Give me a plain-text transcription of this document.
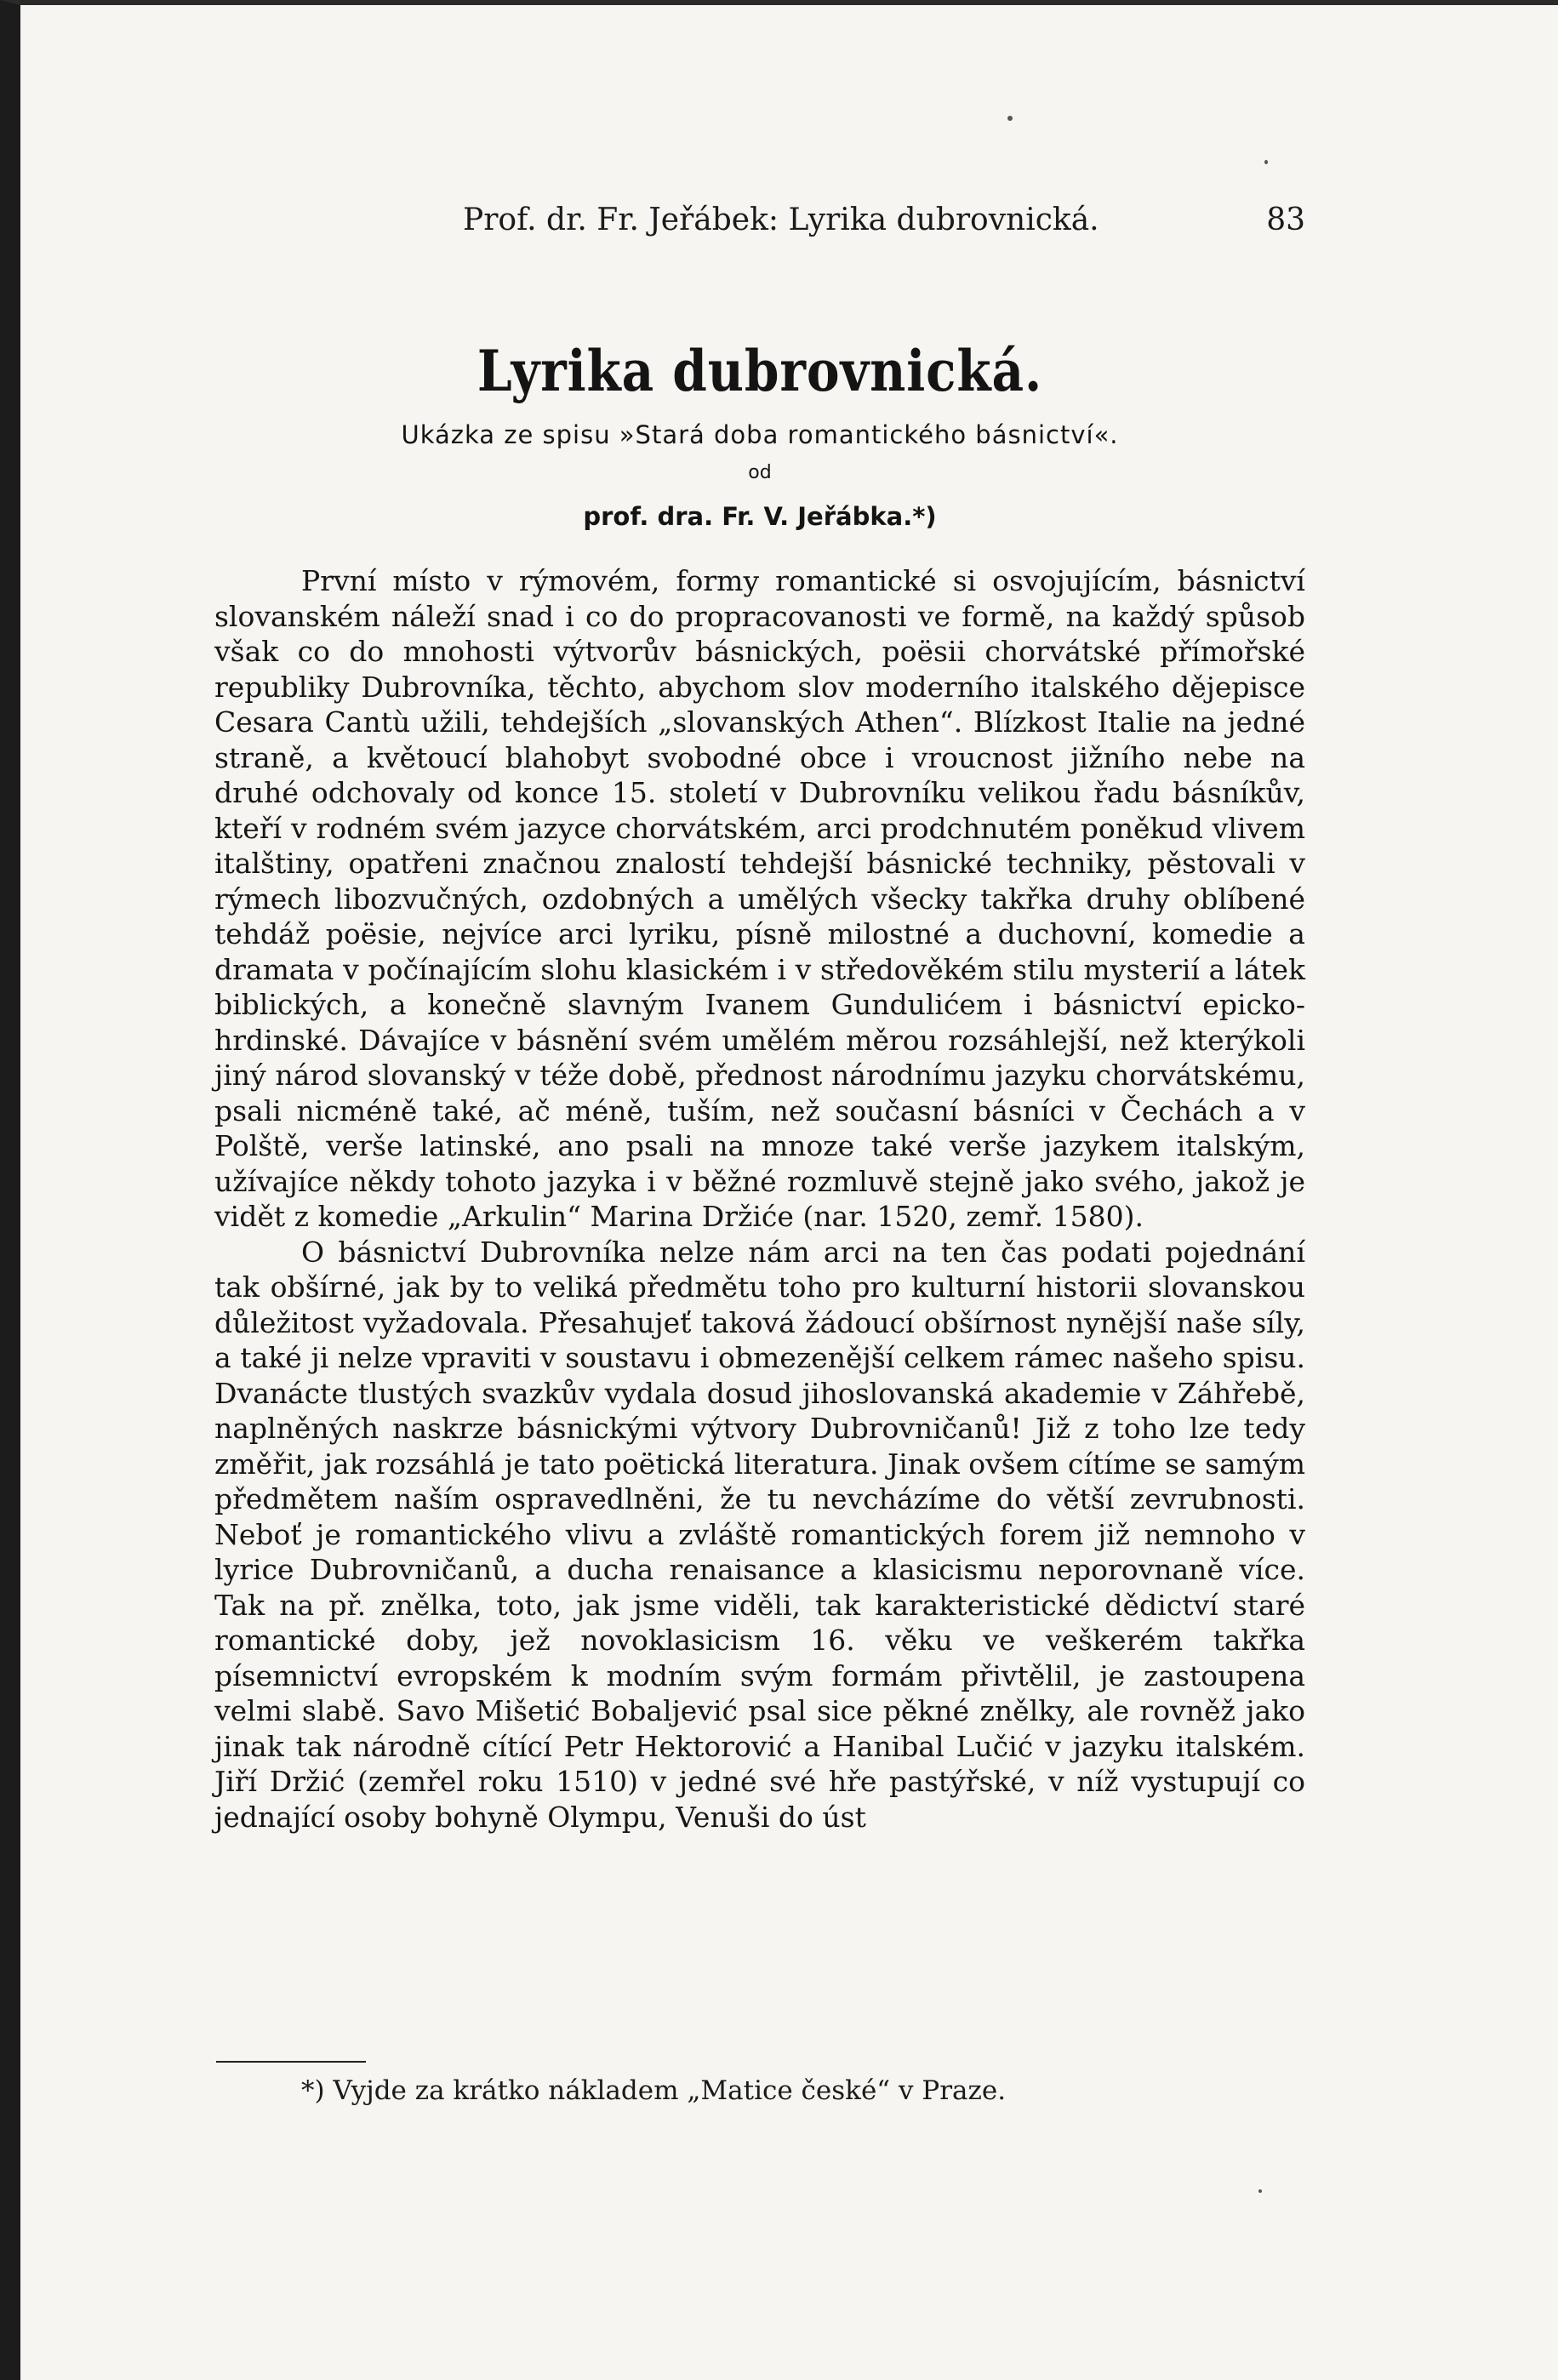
Prof. dr. Fr. Jeřábek: Lyrika dubrovnická.	83
Lyrika dubrovnická.
Ukázka ze spisu »Stará doba romantického básnictví«.
od
prof. dra. Fr. V. Jeřábka.*)

První místo v rýmovém, formy romantické si osvojujícím, básnictví slovanském náleží snad i co do propracovanosti ve formě, na každý spůsob však co do mnohosti výtvorův básnických, poësii chorvátské přímořské republiky Dubrovníka, těchto, abychom slov moderního italského dějepisce Cesara Cantù užili, tehdejších „slovanských Athen“. Blízkost Italie na jedné straně, a květoucí blahobyt svobodné obce i vroucnost jižního nebe na druhé odchovaly od konce 15. století v Dubrovníku velikou řadu básníkův, kteří v rodném svém jazyce chorvátském, arci prodchnutém poněkud vlivem italštiny, opatřeni značnou znalostí tehdejší básnické techniky, pěstovali v rýmech libozvučných, ozdobných a umělých všecky takřka druhy oblíbené tehdáž poësie, nejvíce arci lyriku, písně milostné a duchovní, komedie a dramata v počínajícím slohu klasickém i v středověkém stilu mysterií a látek biblických, a konečně slavným Ivanem Gundulićem i básnictví epicko-hrdinské. Dávajíce v básnění svém umělém měrou rozsáhlejší, než kterýkoli jiný národ slovanský v téže době, přednost národnímu jazyku chorvátskému, psali nicméně také, ač méně, tuším, než současní básníci v Čechách a v Polště, verše latinské, ano psali na mnoze také verše jazykem italským, užívajíce někdy tohoto jazyka i v běžné rozmluvě stejně jako svého, jakož je vidět z komedie „Arkulin“ Marina Držiće (nar. 1520, zemř. 1580).

O básnictví Dubrovníka nelze nám arci na ten čas podati pojednání tak obšírné, jak by to veliká předmětu toho pro kulturní historii slovanskou důležitost vyžadovala. Přesahujeť taková žádoucí obšírnost nynější naše síly, a také ji nelze vpraviti v soustavu i obmezenější celkem rámec našeho spisu. Dvanácte tlustých svazkův vydala dosud jihoslovanská akademie v Záhřebě, naplněných naskrze básnickými výtvory Dubrovničanů! Již z toho lze tedy změřit, jak rozsáhlá je tato poëtická literatura. Jinak ovšem cítíme se samým předmětem naším ospravedlněni, že tu nevcházíme do větší zevrubnosti. Neboť je romantického vlivu a zvláště romantických forem již nemnoho v lyrice Dubrovničanů, a ducha renaisance a klasicismu neporovnaně více. Tak na př. znělka, toto, jak jsme viděli, tak karakteristické dědictví staré romantické doby, jež novoklasicism 16. věku ve veškerém takřka písemnictví evropském k modním svým formám přivtělil, je zastoupena velmi slabě. Savo Mišetić Bobaljević psal sice pěkné znělky, ale rovněž jako jinak tak národně cítící Petr Hektorović a Hanibal Lučić v jazyku italském. Jiří Držić (zemřel roku 1510) v jedné své hře pastýřské, v níž vystupují co jednající osoby bohyně Olympu, Venuši do úst

*) Vyjde za krátko nákladem „Matice české“ v Praze.
